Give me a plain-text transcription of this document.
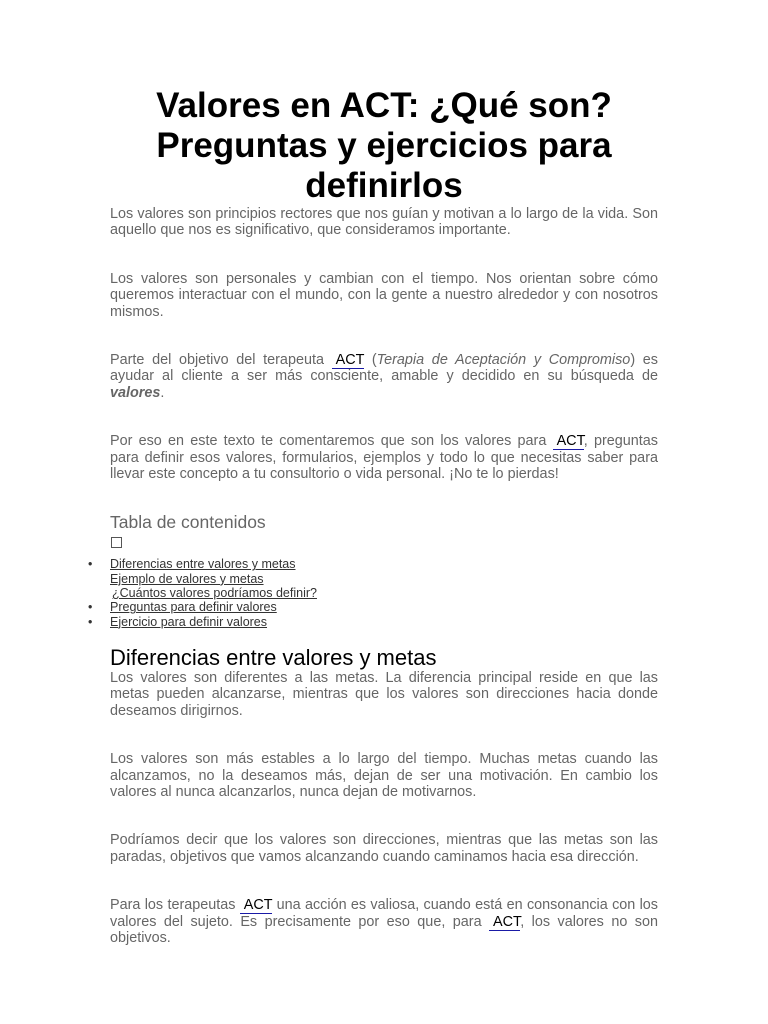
Valores en ACT: ¿Qué son? Preguntas y ejercicios para definirlos

Los valores son principios rectores que nos guían y motivan a lo largo de la vida. Son aquello que nos es significativo, que consideramos importante.

Los valores son personales y cambian con el tiempo. Nos orientan sobre cómo queremos interactuar con el mundo, con la gente a nuestro alrededor y con nosotros mismos.

Parte del objetivo del terapeuta ACT (Terapia de Aceptación y Compromiso) es ayudar al cliente a ser más consciente, amable y decidido en su búsqueda de valores.

Por eso en este texto te comentaremos que son los valores para ACT, preguntas para definir esos valores, formularios, ejemplos y todo lo que necesitas saber para llevar este concepto a tu consultorio o vida personal. ¡No te lo pierdas!

Tabla de contenidos
• Diferencias entre valores y metas
Ejemplo de valores y metas
¿Cuántos valores podríamos definir?
• Preguntas para definir valores
• Ejercicio para definir valores
Diferencias entre valores y metas

Los valores son diferentes a las metas. La diferencia principal reside en que las metas pueden alcanzarse, mientras que los valores son direcciones hacia donde deseamos dirigirnos.

Los valores son más estables a lo largo del tiempo. Muchas metas cuando las alcanzamos, no la deseamos más, dejan de ser una motivación. En cambio los valores al nunca alcanzarlos, nunca dejan de motivarnos.

Podríamos decir que los valores son direcciones, mientras que las metas son las paradas, objetivos que vamos alcanzando cuando caminamos hacia esa dirección.

Para los terapeutas ACT una acción es valiosa, cuando está en consonancia con los valores del sujeto. Es precisamente por eso que, para ACT, los valores no son objetivos.
